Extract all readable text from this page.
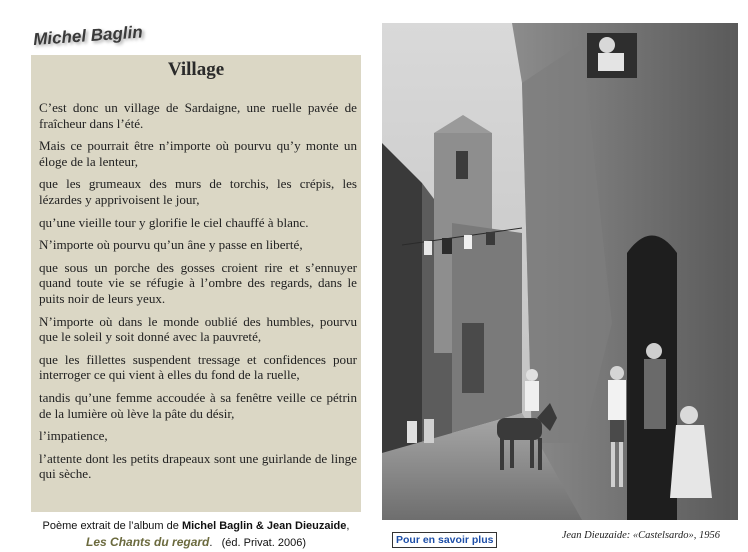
Michel Baglin
Village

C’est donc un village de Sardaigne, une ruelle pavée de fraîcheur dans l’été.

Mais ce pourrait être n’importe où pourvu qu’y monte un éloge de la lenteur,

que les grumeaux des murs de torchis, les crépis, les lézardes y apprivoisent le jour,

qu’une vieille tour y glorifie le ciel chauffé à blanc.

N’importe où pourvu qu’un âne y passe en liberté,

que sous un porche des gosses croient rire et s’ennuyer quand toute vie se réfugie à l’ombre des regards, dans le puits noir de leurs yeux.

N’importe où dans le monde oublié des humbles, pourvu que le soleil y soit donné avec la pauvreté,

que les fillettes suspendent tressage et confidences pour interroger ce qui vient à elles du fond de la ruelle,

tandis qu’une femme accoudée à sa fenêtre veille ce pétrin de la lumière où lève la pâte du désir,

l’impatience,

l’attente dont les petits drapeaux sont une guirlande de linge qui sèche.

Poème extrait de l’album de Michel Baglin & Jean Dieuzaide,
Les Chants du regard. (éd. Privat. 2006)	Pour en savoir plus	Jean Dieuzaide: «Castelsardo», 1956
